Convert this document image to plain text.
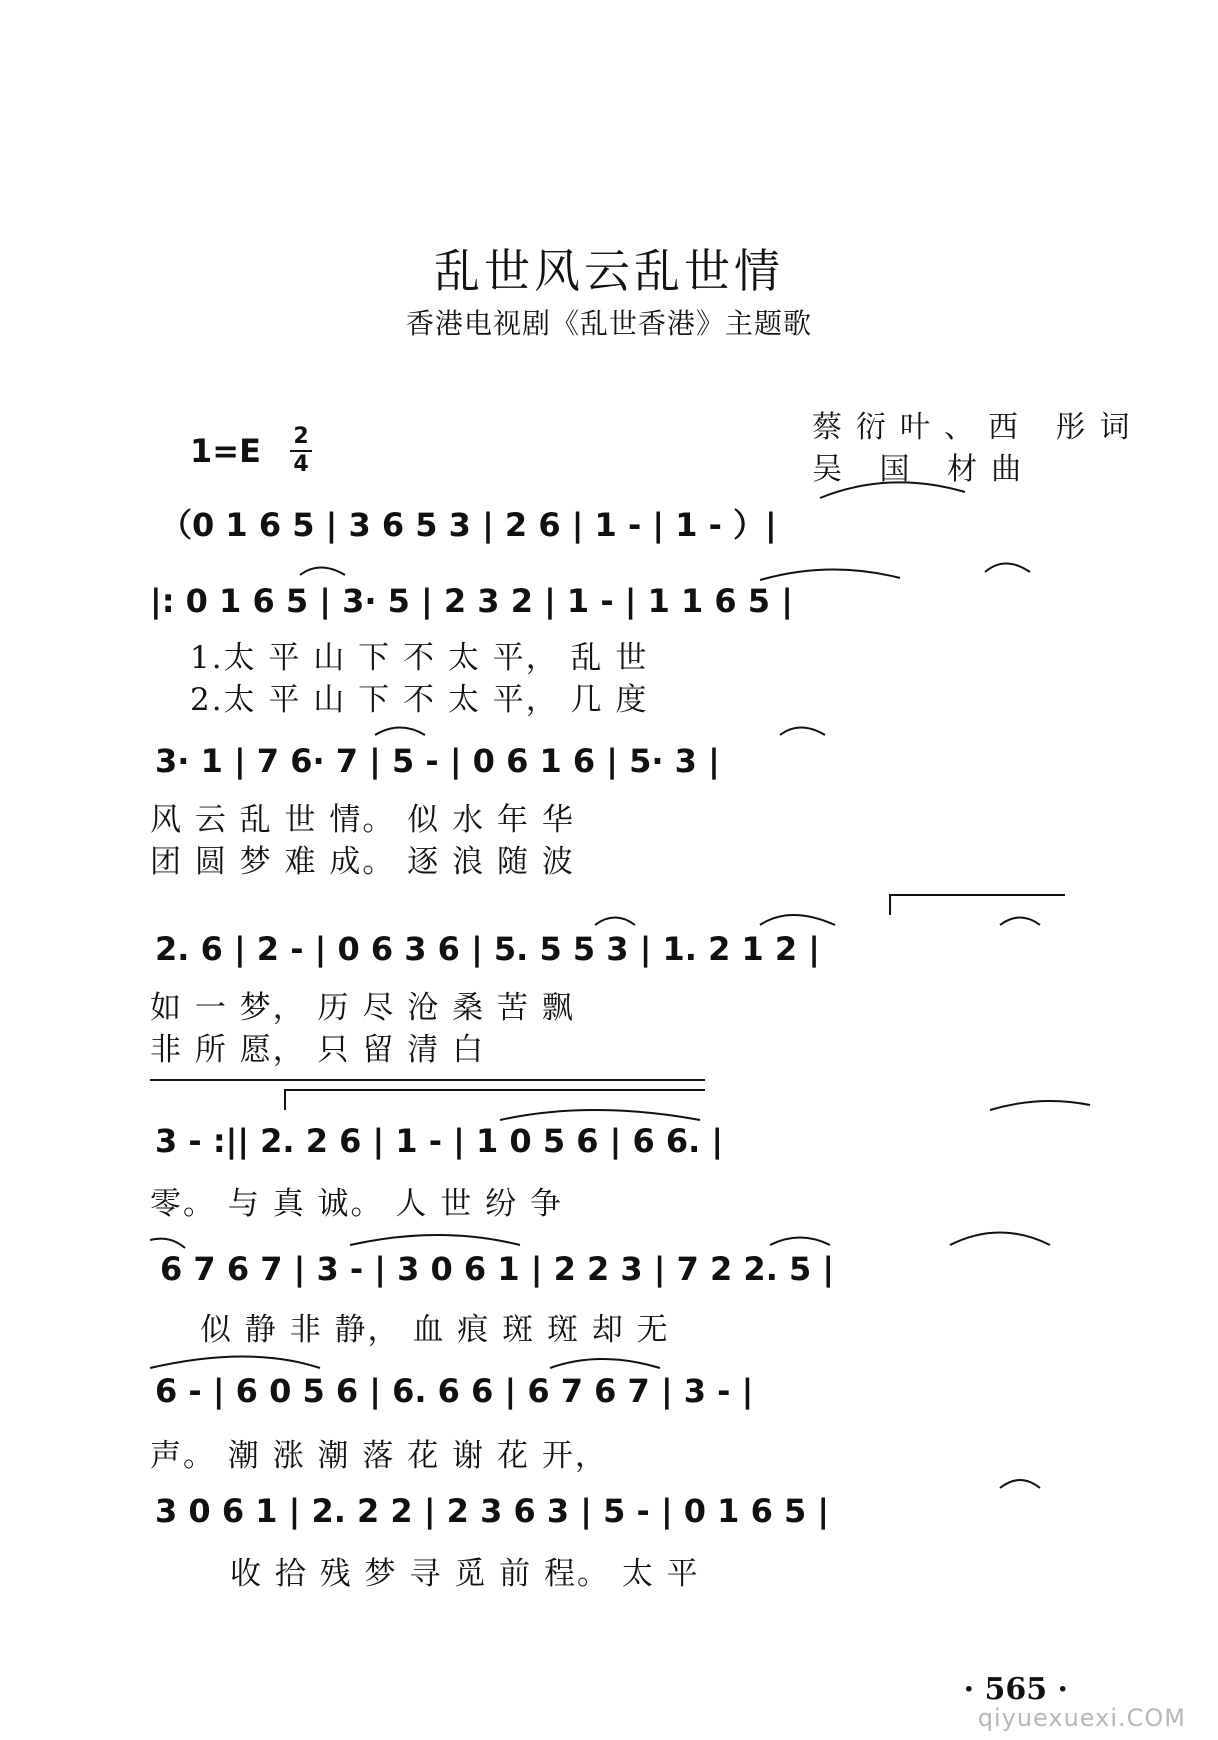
乱世风云乱世情
香港电视剧《乱世香港》主题歌
蔡衍叶、西 彤词
吴 国 材曲
1=E 2
4
（0 1 6 5 | 3 6 5 3 | 2 6 | 1 - | 1 - ）|
|: 0 1 6 5 | 3· 5 | 2 3 2 | 1 - | 1 1 6 5 |
1.太 平 山 下 不 太 平， 乱 世
2.太 平 山 下 不 太 平， 几 度
3· 1 | 7 6· 7 | 5 - | 0 6 1 6 | 5· 3 |
风 云 乱 世 情。 似 水 年 华
团 圆 梦 难 成。 逐 浪 随 波
2. 6 | 2 - | 0 6 3 6 | 5. 5 5 3 | 1. 2 1 2 |
如 一 梦， 历 尽 沧 桑 苦 飘
非 所 愿， 只 留 清 白
3 - :|| 2. 2 6 | 1 - | 1 0 5 6 | 6 6. |
零。 与 真 诚。 人 世 纷 争
6 7 6 7 | 3 - | 3 0 6 1 | 2 2 3 | 7 2 2. 5 |
似 静 非 静， 血 痕 斑 斑 却 无
6 - | 6 0 5 6 | 6. 6 6 | 6 7 6 7 | 3 - |
声。 潮 涨 潮 落 花 谢 花 开，
3 0 6 1 | 2. 2 2 | 2 3 6 3 | 5 - | 0 1 6 5 |
收 拾 残 梦 寻 觅 前 程。 太 平
· 565 ·
qiyuexuexi.COM
